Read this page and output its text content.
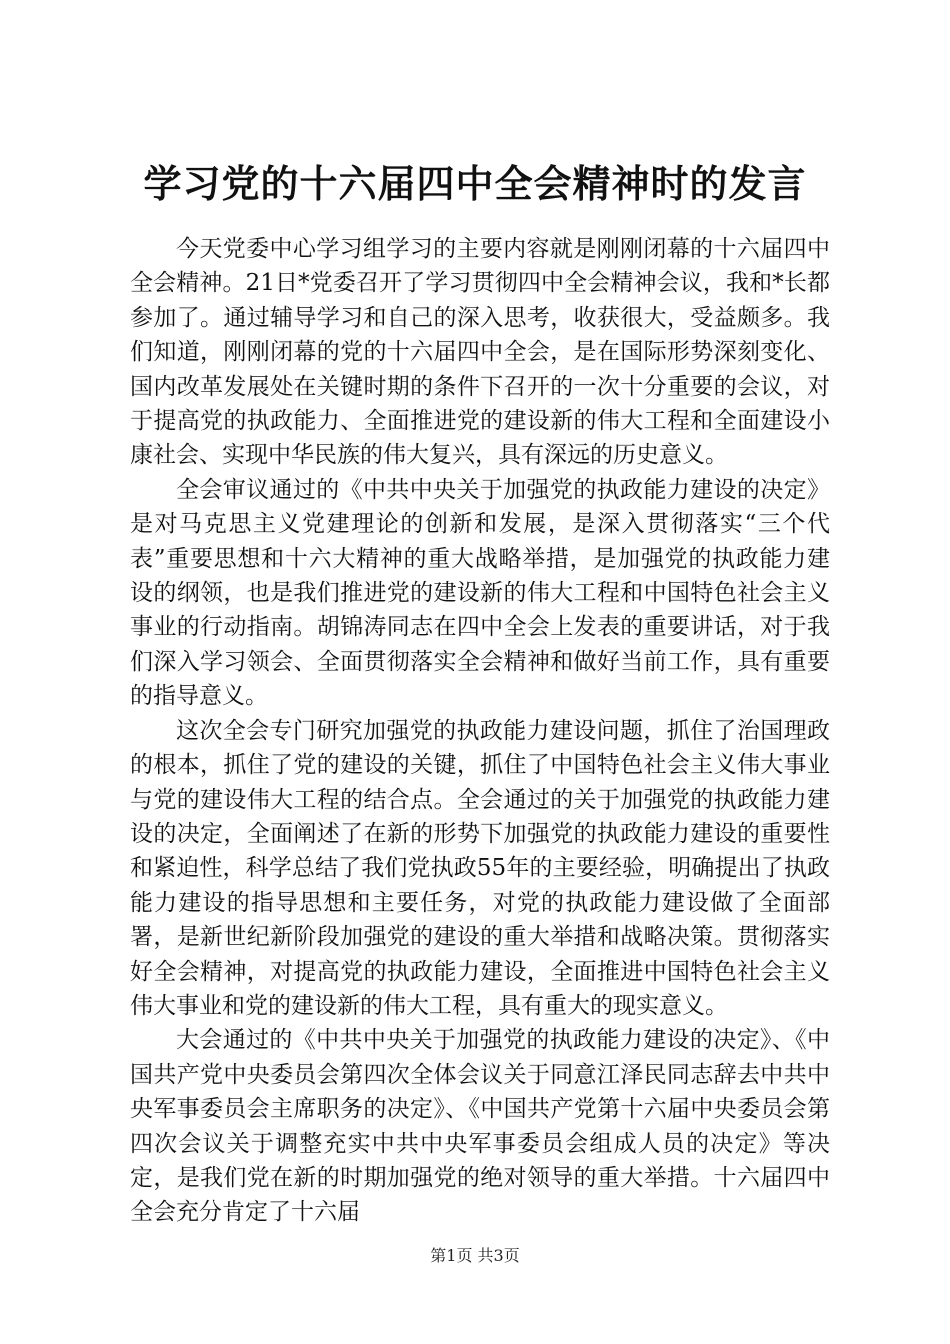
学习党的十六届四中全会精神时的发言

今天党委中心学习组学习的主要内容就是刚刚闭幕的十六届四中全会精神。21日*党委召开了学习贯彻四中全会精神会议，我和*长都参加了。通过辅导学习和自己的深入思考，收获很大，受益颇多。我们知道，刚刚闭幕的党的十六届四中全会，是在国际形势深刻变化、国内改革发展处在关键时期的条件下召开的一次十分重要的会议，对于提高党的执政能力、全面推进党的建设新的伟大工程和全面建设小康社会、实现中华民族的伟大复兴，具有深远的历史意义。

全会审议通过的《中共中央关于加强党的执政能力建设的决定》是对马克思主义党建理论的创新和发展，是深入贯彻落实“三个代表”重要思想和十六大精神的重大战略举措，是加强党的执政能力建设的纲领，也是我们推进党的建设新的伟大工程和中国特色社会主义事业的行动指南。胡锦涛同志在四中全会上发表的重要讲话，对于我们深入学习领会、全面贯彻落实全会精神和做好当前工作，具有重要的指导意义。

这次全会专门研究加强党的执政能力建设问题，抓住了治国理政的根本，抓住了党的建设的关键，抓住了中国特色社会主义伟大事业与党的建设伟大工程的结合点。全会通过的关于加强党的执政能力建设的决定，全面阐述了在新的形势下加强党的执政能力建设的重要性和紧迫性，科学总结了我们党执政55年的主要经验，明确提出了执政能力建设的指导思想和主要任务，对党的执政能力建设做了全面部署，是新世纪新阶段加强党的建设的重大举措和战略决策。贯彻落实好全会精神，对提高党的执政能力建设，全面推进中国特色社会主义伟大事业和党的建设新的伟大工程，具有重大的现实意义。

大会通过的《中共中央关于加强党的执政能力建设的决定》、《中国共产党中央委员会第四次全体会议关于同意江泽民同志辞去中共中央军事委员会主席职务的决定》、《中国共产党第十六届中央委员会第四次会议关于调整充实中共中央军事委员会组成人员的决定》等决定，是我们党在新的时期加强党的绝对领导的重大举措。十六届四中全会充分肯定了十六届

第1页 共3页
